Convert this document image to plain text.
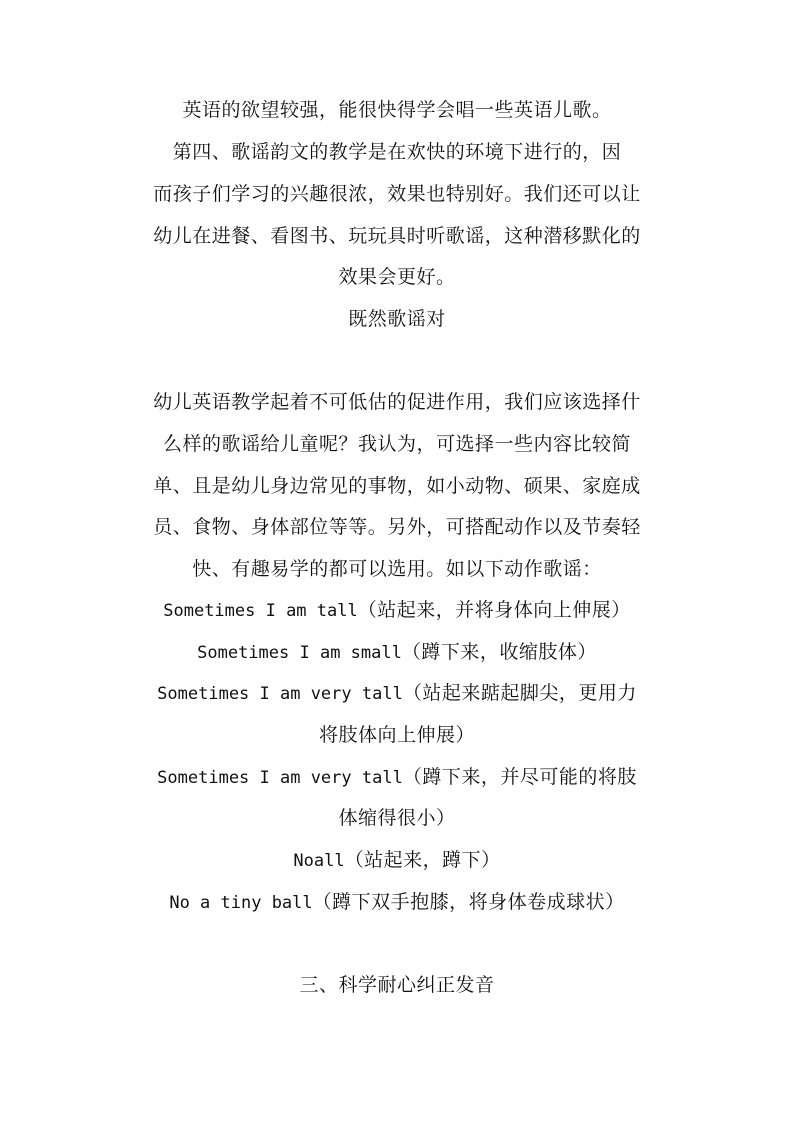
英语的欲望较强，能很快得学会唱一些英语儿歌。
第四、歌谣韵文的教学是在欢快的环境下进行的，因
而孩子们学习的兴趣很浓，效果也特别好。我们还可以让
幼儿在进餐、看图书、玩玩具时听歌谣，这种潜移默化的
效果会更好。
既然歌谣对
幼儿英语教学起着不可低估的促进作用，我们应该选择什
么样的歌谣给儿童呢？我认为，可选择一些内容比较简
单、且是幼儿身边常见的事物，如小动物、硕果、家庭成
员、食物、身体部位等等。另外，可搭配动作以及节奏轻
快、有趣易学的都可以选用。如以下动作歌谣：
Sometimes I am tall（站起来，并将身体向上伸展）
Sometimes I am small（蹲下来，收缩肢体）
Sometimes I am very tall（站起来踮起脚尖，更用力
将肢体向上伸展）
Sometimes I am very tall（蹲下来，并尽可能的将肢
体缩得很小）
Noall（站起来，蹲下）
No a tiny ball（蹲下双手抱膝，将身体卷成球状）
三、科学耐心纠正发音
